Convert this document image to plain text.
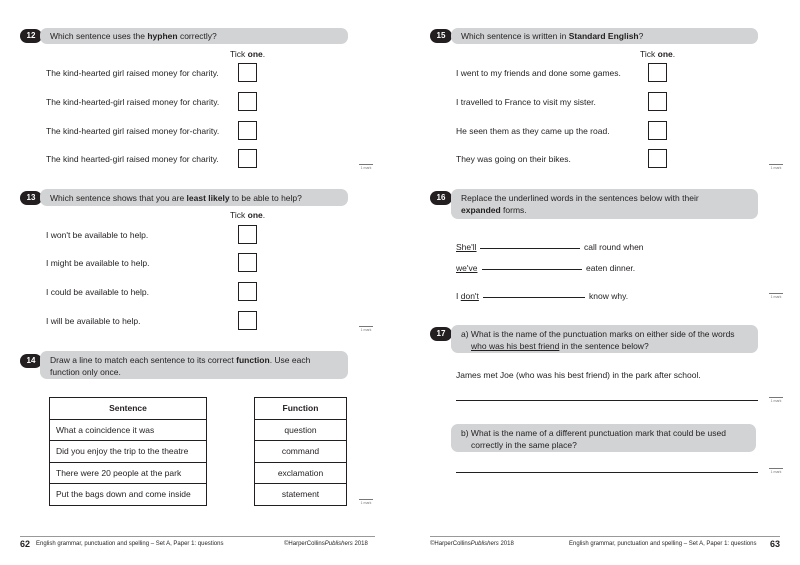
12	Which sentence uses the hyphen correctly?
Tick one.
The kind-hearted girl raised money for charity.
The kind-hearted-girl raised money for charity.
The kind-hearted girl raised money for-charity.
The kind hearted-girl raised money for charity.
1 mark
13	Which sentence shows that you are least likely to be able to help?
Tick one.
I won't be available to help.
I might be available to help.
I could be available to help.
I will be available to help.
1 mark
14	Draw a line to match each sentence to its correct function. Use each function only once.
Sentence
What a coincidence it was
Did you enjoy the trip to the theatre
There were 20 people at the park
Put the bags down and come inside
Function
question
command
exclamation
statement
1 mark
62 English grammar, punctuation and spelling – Set A, Paper 1: questions	©HarperCollinsPublishers 2018
15	Which sentence is written in Standard English?
Tick one.
I went to my friends and done some games.
I travelled to France to visit my sister.
He seen them as they came up the road.
They was going on their bikes.
1 mark
16	Replace the underlined words in the sentences below with their
expanded forms.
She'll	call round when
we've	eaten dinner.
I don't	know why.	1 mark
17	a) What is the name of the punctuation marks on either side of the words
who was his best friend in the sentence below?
James met Joe (who was his best friend) in the park after school.
1 mark
b) What is the name of a different punctuation mark that could be used
correctly in the same place?
1 mark
©HarperCollinsPublishers 2018	English grammar, punctuation and spelling – Set A, Paper 1: questions 63
